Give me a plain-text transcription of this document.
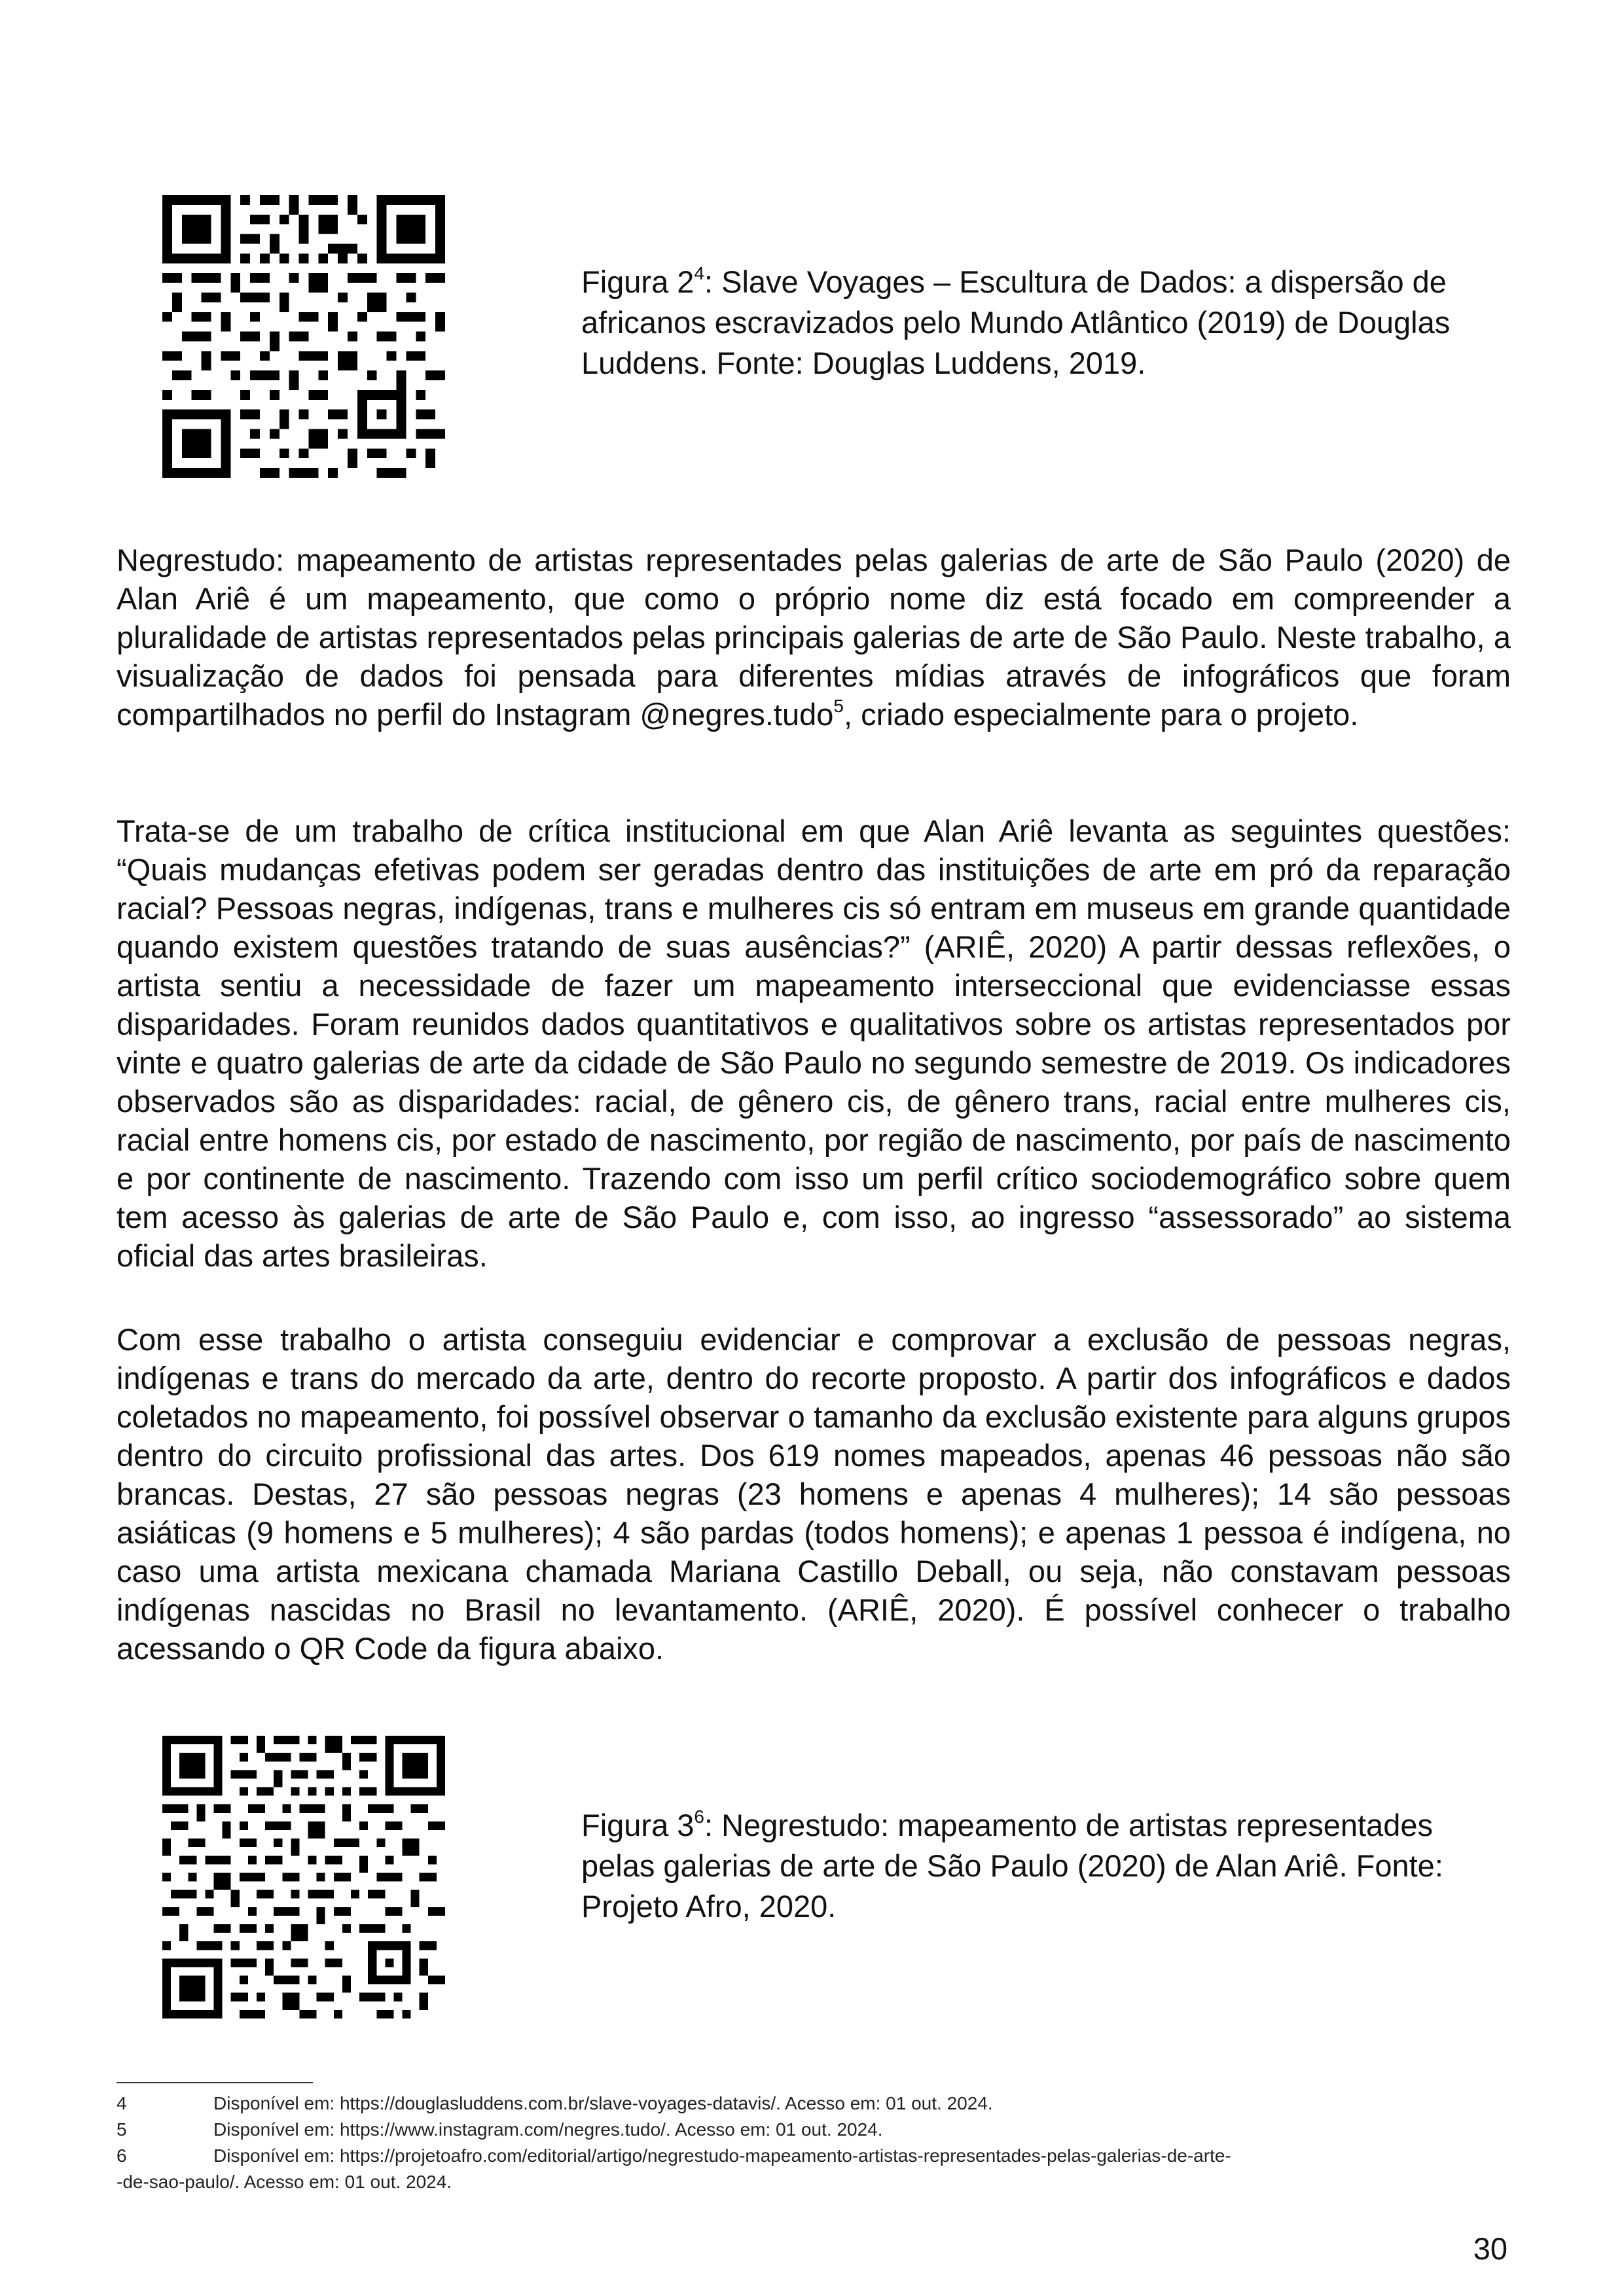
Figura $2^4$: Slave Voyages – Escultura de Dados: a dispersão de africanos escravizados pelo Mundo Atlântico (2019) de Douglas Luddens. Fonte: Douglas Luddens, 2019.

Negrestudo: mapeamento de artistas representades pelas galerias de arte de São Paulo (2020) de Alan Ariê é um mapeamento, que como o próprio nome diz está focado em compreender a pluralidade de artistas representados pelas principais galerias de arte de São Paulo. Neste trabalho, a visualização de dados foi pensada para diferentes mídias através de infográficos que foram compartilhados no perfil do Instagram @negres.tudo$^5$, criado especialmente para o projeto.

Trata-se de um trabalho de crítica institucional em que Alan Ariê levanta as seguintes questões: “Quais mudanças efetivas podem ser geradas dentro das instituições de arte em pró da reparação racial? Pessoas negras, indígenas, trans e mulheres cis só entram em museus em grande quantidade quando existem questões tratando de suas ausências?” (ARIÊ, 2020) A partir dessas reflexões, o artista sentiu a necessidade de fazer um mapeamento interseccional que evidenciasse essas disparidades. Foram reunidos dados quantitativos e qualitativos sobre os artistas representados por vinte e quatro galerias de arte da cidade de São Paulo no segundo semestre de 2019. Os indicadores observados são as disparidades: racial, de gênero cis, de gênero trans, racial entre mulheres cis, racial entre homens cis, por estado de nascimento, por região de nascimento, por país de nascimento e por continente de nascimento. Trazendo com isso um perfil crítico sociodemográfico sobre quem tem acesso às galerias de arte de São Paulo e, com isso, ao ingresso “assessorado” ao sistema oficial das artes brasileiras.

Com esse trabalho o artista conseguiu evidenciar e comprovar a exclusão de pessoas negras, indígenas e trans do mercado da arte, dentro do recorte proposto. A partir dos infográficos e dados coletados no mapeamento, foi possível observar o tamanho da exclusão existente para alguns grupos dentro do circuito profissional das artes. Dos 619 nomes mapeados, apenas 46 pessoas não são brancas. Destas, 27 são pessoas negras (23 homens e apenas 4 mulheres); 14 são pessoas asiáticas (9 homens e 5 mulheres); 4 são pardas (todos homens); e apenas 1 pessoa é indígena, no caso uma artista mexicana chamada Mariana Castillo Deball, ou seja, não constavam pessoas indígenas nascidas no Brasil no levantamento. (ARIÊ, 2020). É possível conhecer o trabalho acessando o QR Code da figura abaixo.

Figura $3^6$: Negrestudo: mapeamento de artistas representades pelas galerias de arte de São Paulo (2020) de Alan Ariê. Fonte: Projeto Afro, 2020.
4	Disponível em: https://douglasluddens.com.br/slave-voyages-datavis/. Acesso em: 01 out. 2024.
5	Disponível em: https://www.instagram.com/negres.tudo/. Acesso em: 01 out. 2024.
6	Disponível em: https://projetoafro.com/editorial/artigo/negrestudo-mapeamento-artistas-representades-pelas-galerias-de-arte-
-de-sao-paulo/. Acesso em: 01 out. 2024.
30
